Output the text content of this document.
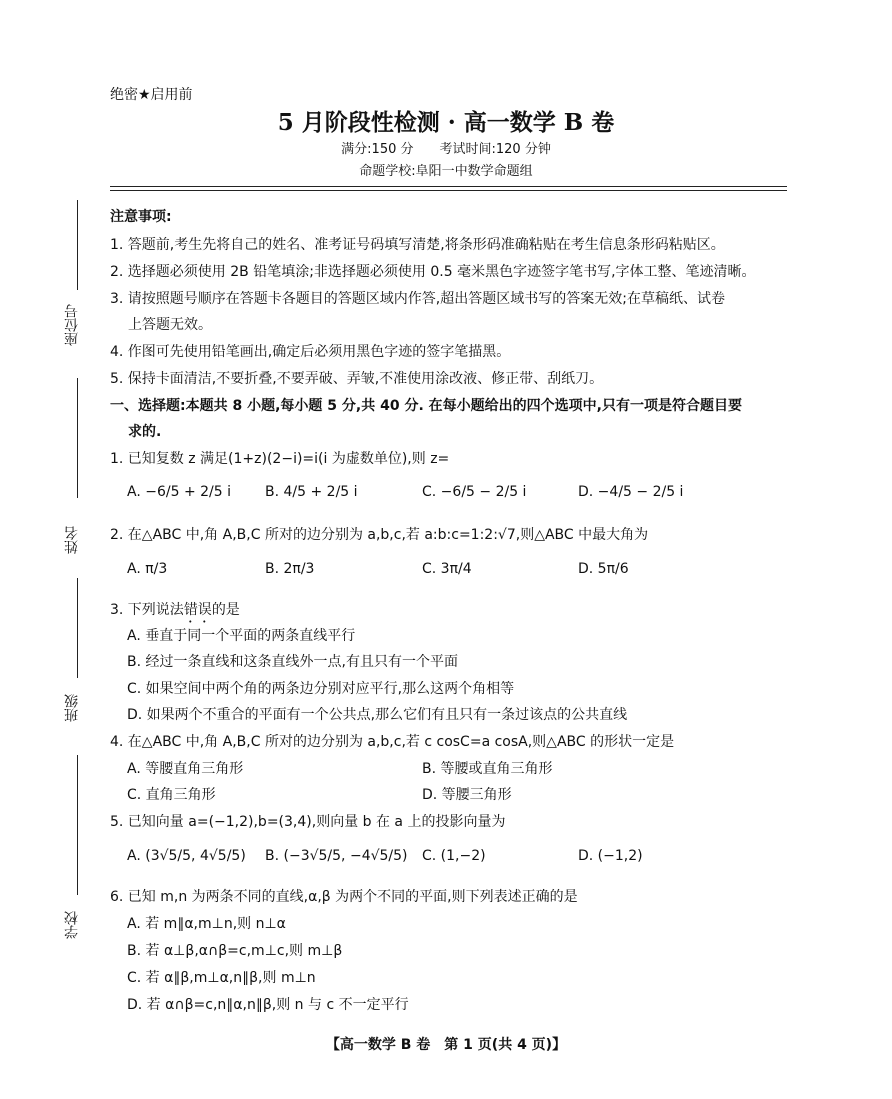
座位号
姓名
班级
学校
绝密★启用前
5 月阶段性检测 · 高一数学 B 卷
满分:150 分　　考试时间:120 分钟
命题学校:阜阳一中数学命题组
注意事项:
1. 答题前,考生先将自己的姓名、准考证号码填写清楚,将条形码准确粘贴在考生信息条形码粘贴区。
2. 选择题必须使用 2B 铅笔填涂;非选择题必须使用 0.5 毫米黑色字迹签字笔书写,字体工整、笔迹清晰。
3. 请按照题号顺序在答题卡各题目的答题区域内作答,超出答题区域书写的答案无效;在草稿纸、试卷
上答题无效。
4. 作图可先使用铅笔画出,确定后必须用黑色字迹的签字笔描黑。
5. 保持卡面清洁,不要折叠,不要弄破、弄皱,不准使用涂改液、修正带、刮纸刀。
一、选择题:本题共 8 小题,每小题 5 分,共 40 分. 在每小题给出的四个选项中,只有一项是符合题目要
求的.
1. 已知复数 z 满足(1+z)(2−i)=i(i 为虚数单位),则 z=
A. −6/5 + 2/5 i B. 4/5 + 2/5 i	C. −6/5 − 2/5 i	D. −4/5 − 2/5 i
2. 在△ABC 中,角 A,B,C 所对的边分别为 a,b,c,若 a:b:c=1:2:√7,则△ABC 中最大角为
A. π/3	B. 2π/3	C. 3π/4	D. 5π/6
3. 下列说法错误的是
A. 垂直于同一个平面的两条直线平行
B. 经过一条直线和这条直线外一点,有且只有一个平面
C. 如果空间中两个角的两条边分别对应平行,那么这两个角相等
D. 如果两个不重合的平面有一个公共点,那么它们有且只有一条过该点的公共直线
4. 在△ABC 中,角 A,B,C 所对的边分别为 a,b,c,若 c cosC=a cosA,则△ABC 的形状一定是
A. 等腰直角三角形	B. 等腰或直角三角形
C. 直角三角形	D. 等腰三角形
5. 已知向量 a=(−1,2),b=(3,4),则向量 b 在 a 上的投影向量为
A. (3√5/5, 4√5/5) B. (−3√5/5, −4√5/5) C. (1,−2)	D. (−1,2)
6. 已知 m,n 为两条不同的直线,α,β 为两个不同的平面,则下列表述正确的是
A. 若 m∥α,m⊥n,则 n⊥α
B. 若 α⊥β,α∩β=c,m⊥c,则 m⊥β
C. 若 α∥β,m⊥α,n∥β,则 m⊥n
D. 若 α∩β=c,n∥α,n∥β,则 n 与 c 不一定平行
【高一数学 B 卷　第 1 页(共 4 页)】
